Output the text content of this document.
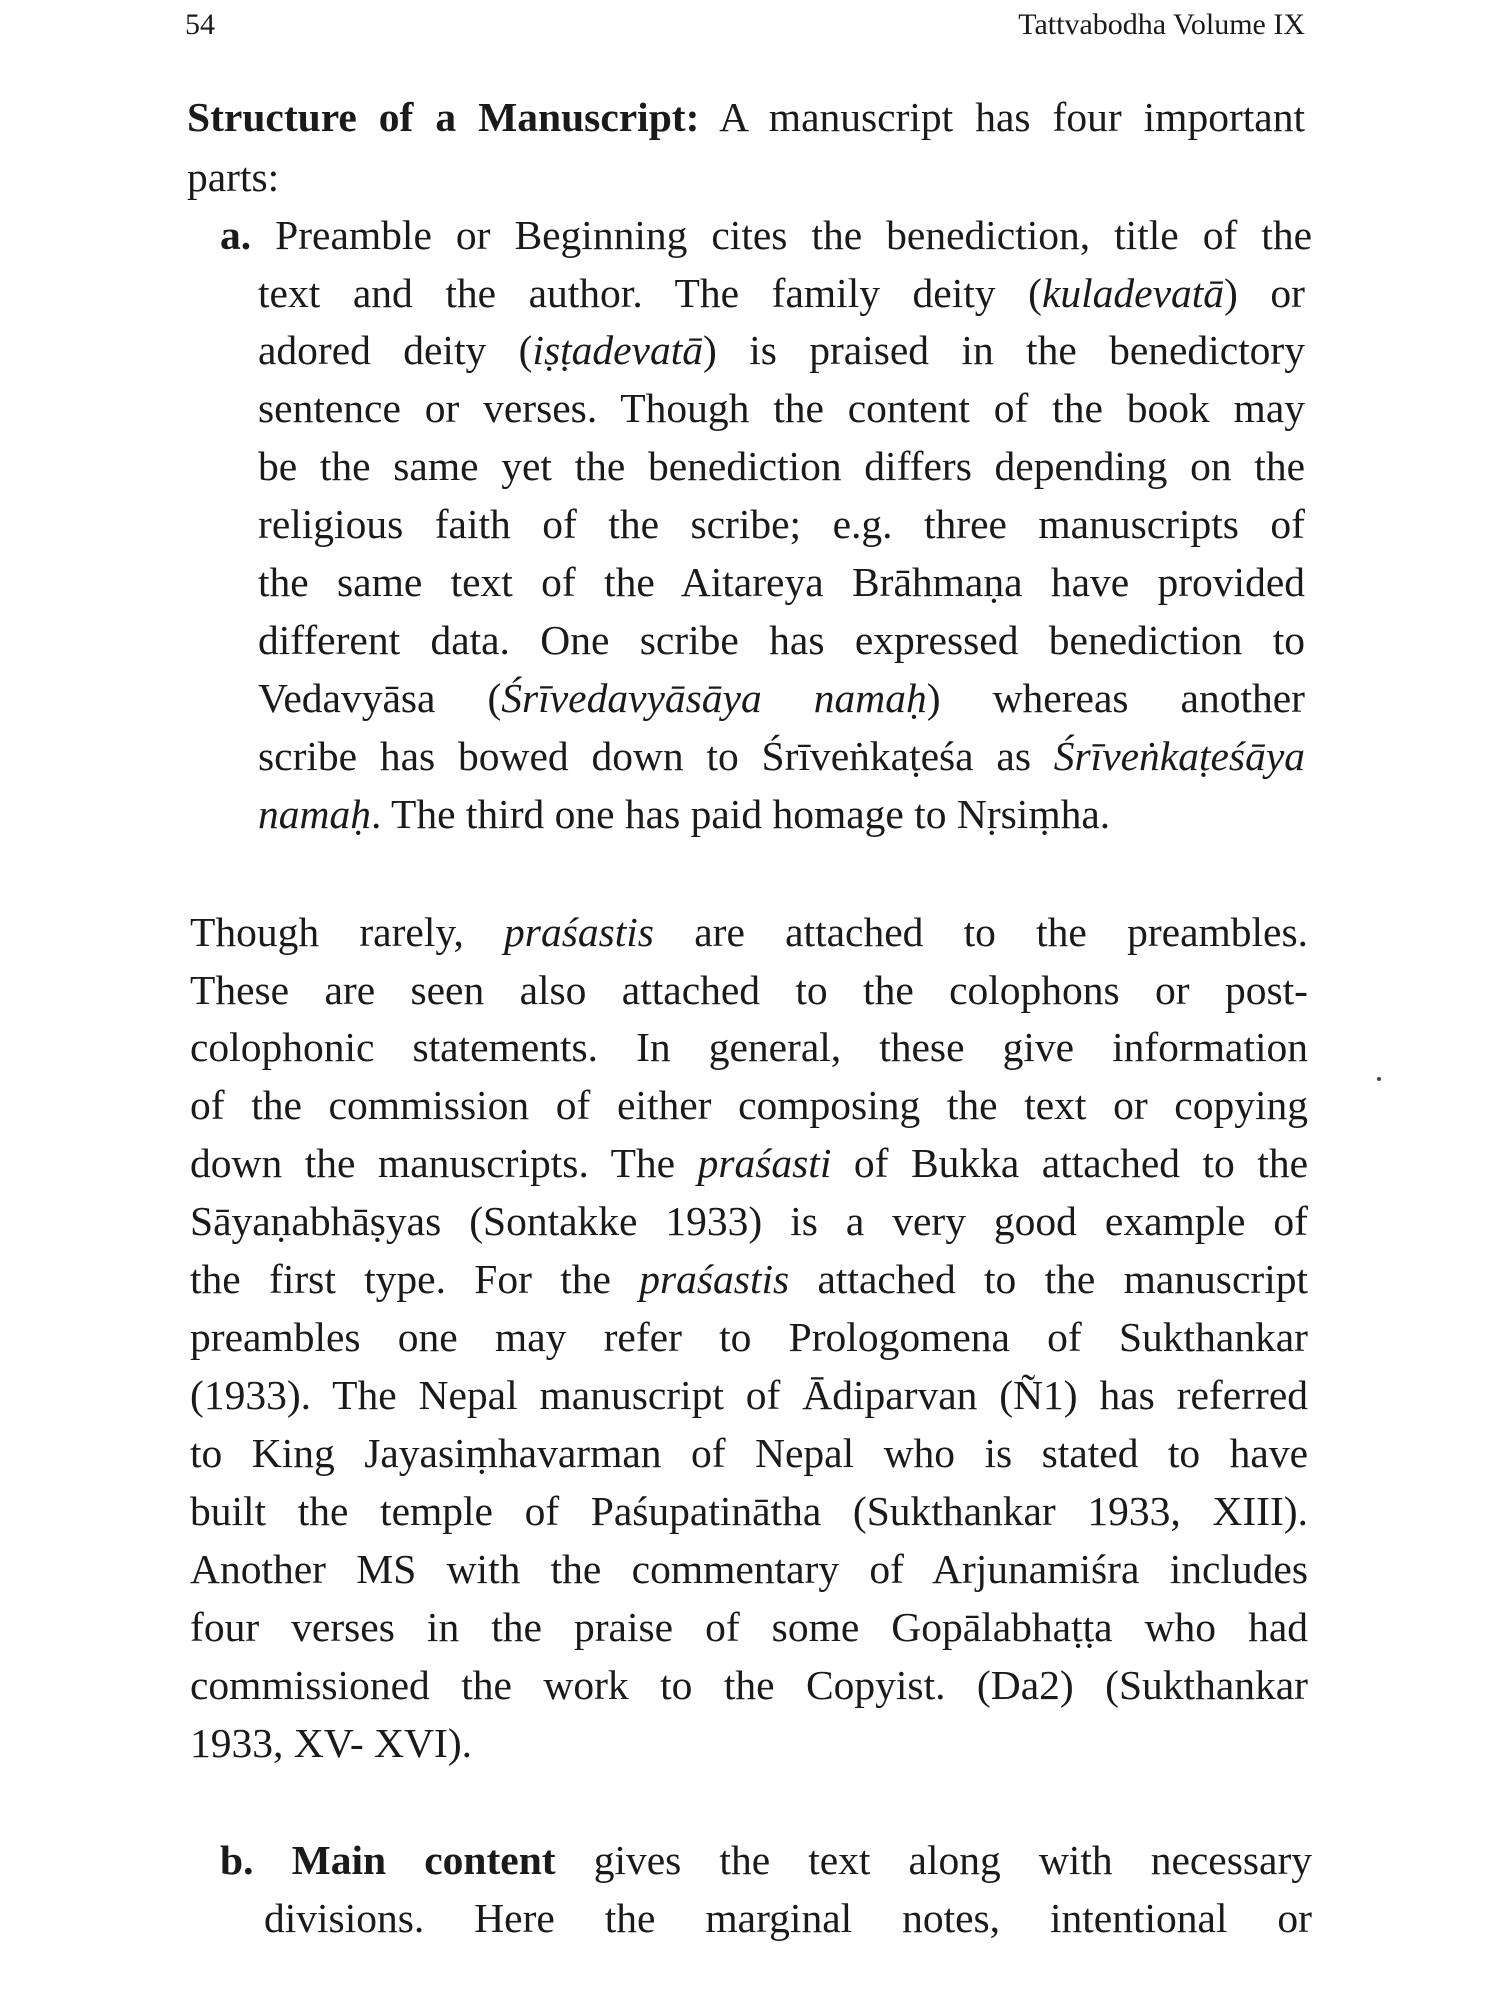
54	Tattvabodha Volume IX
Structure of a Manuscript: A manuscript has four important
parts:
a. Preamble or Beginning cites the benediction, title of the
text and the author. The family deity (kuladevatā) or
adored deity (iṣṭadevatā) is praised in the benedictory
sentence or verses. Though the content of the book may
be the same yet the benediction differs depending on the
religious faith of the scribe; e.g. three manuscripts of
the same text of the Aitareya Brāhmaṇa have provided
different data. One scribe has expressed benediction to
Vedavyāsa (Śrīvedavyāsāya namaḥ) whereas another
scribe has bowed down to Śrīveṅkaṭeśa as Śrīveṅkaṭeśāya
namaḥ. The third one has paid homage to Nṛsiṃha.
Though rarely, praśastis are attached to the preambles.
These are seen also attached to the colophons or post-
colophonic statements. In general, these give information
of the commission of either composing the text or copying
down the manuscripts. The praśasti of Bukka attached to the
Sāyaṇabhāṣyas (Sontakke 1933) is a very good example of
the first type. For the praśastis attached to the manuscript
preambles one may refer to Prologomena of Sukthankar
(1933). The Nepal manuscript of Ādiparvan (Ñ1) has referred
to King Jayasiṃhavarman of Nepal who is stated to have
built the temple of Paśupatinātha (Sukthankar 1933, XIII).
Another MS with the commentary of Arjunamiśra includes
four verses in the praise of some Gopālabhaṭṭa who had
commissioned the work to the Copyist. (Da2) (Sukthankar
1933, XV- XVI).
b. Main content gives the text along with necessary
divisions. Here the marginal notes, intentional or
